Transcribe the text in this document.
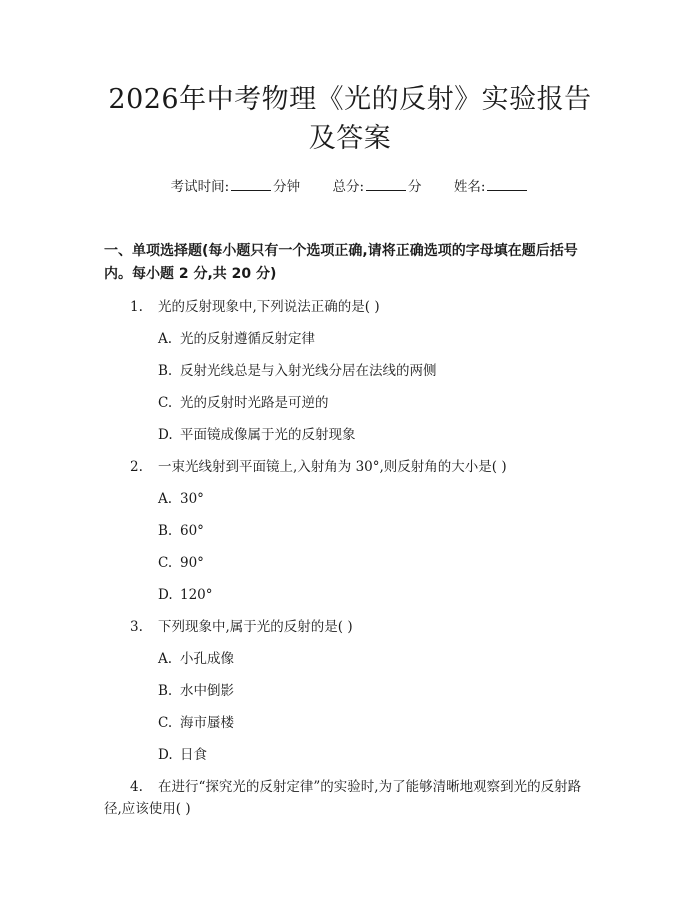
2026年中考物理《光的反射》实验报告及答案
考试时间:	分钟 总分:	分 姓名:
一、单项选择题(每小题只有一个选项正确,请将正确选项的字母填在题后括号内。每小题 2 分,共 20 分)
1.	光的反射现象中,下列说法正确的是( )
A. 光的反射遵循反射定律
B. 反射光线总是与入射光线分居在法线的两侧
C. 光的反射时光路是可逆的
D. 平面镜成像属于光的反射现象
2.	一束光线射到平面镜上,入射角为 30°,则反射角的大小是( )
A. 30°
B. 60°
C. 90°
D. 120°
3.	下列现象中,属于光的反射的是( )
A. 小孔成像
B. 水中倒影
C. 海市蜃楼
D. 日食
4. 在进行“探究光的反射定律”的实验时,为了能够清晰地观察到光的反射路径,应该使用( )
